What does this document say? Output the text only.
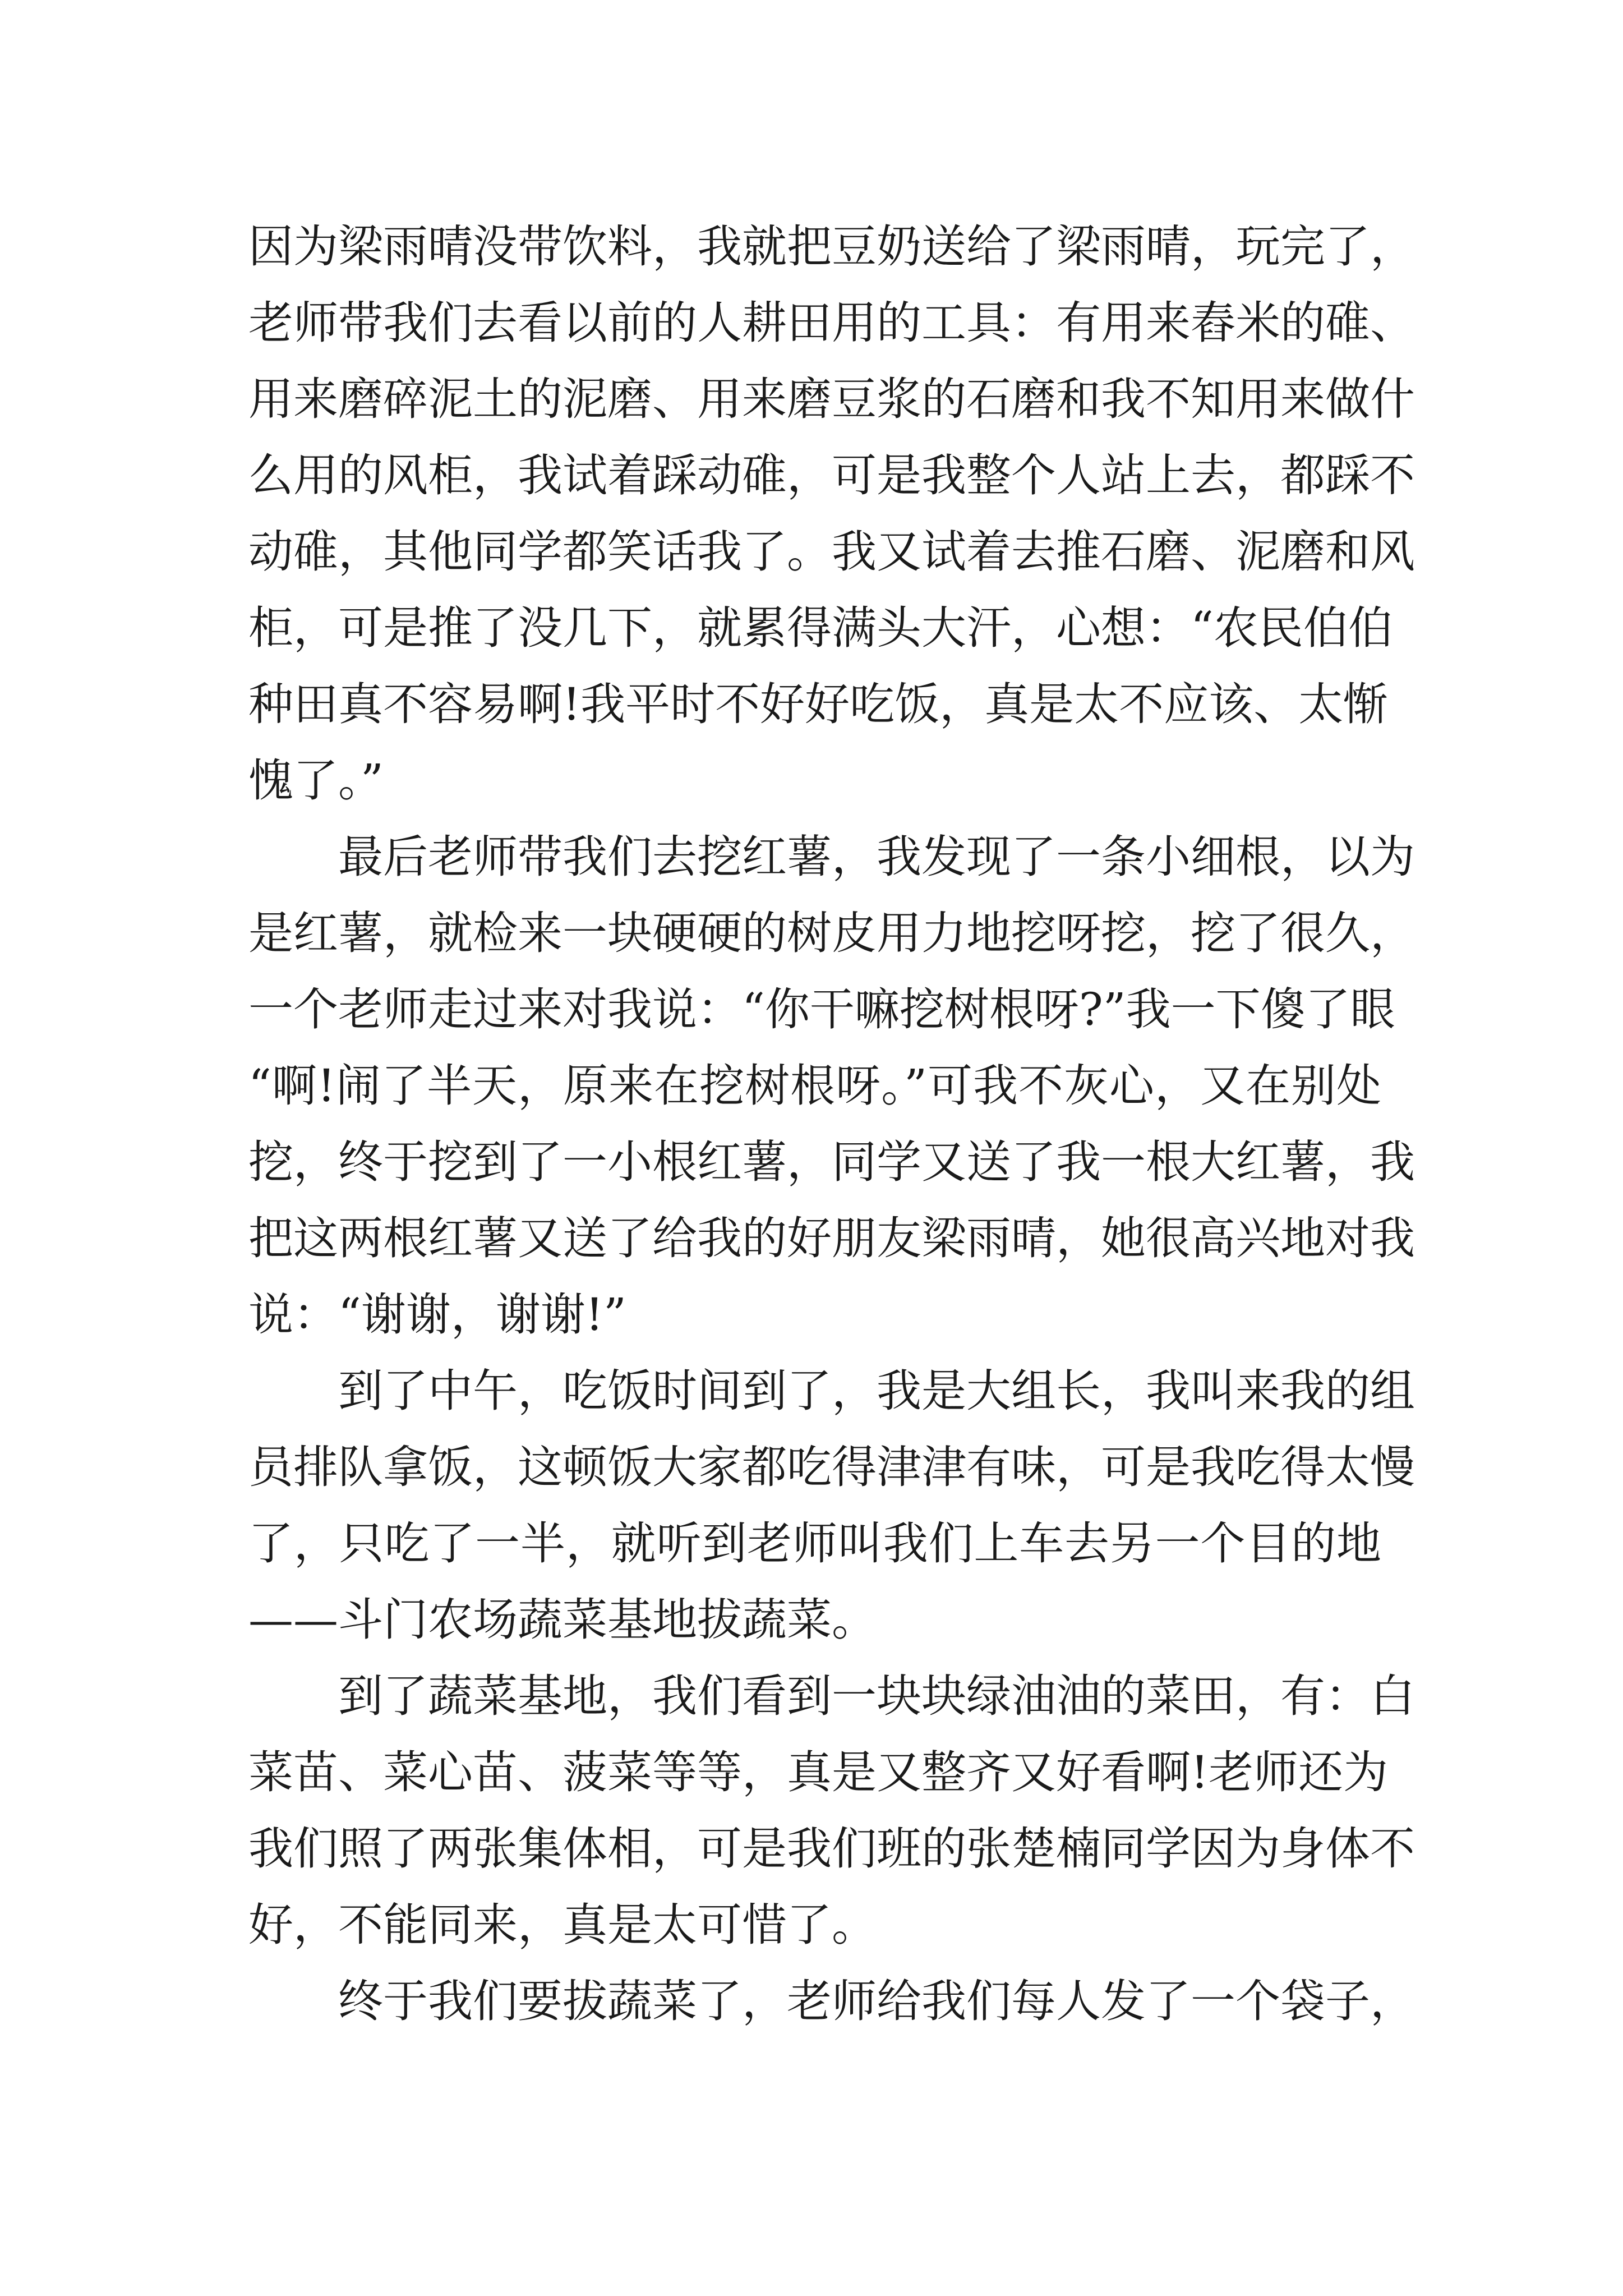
因为梁雨晴没带饮料，我就把豆奶送给了梁雨晴，玩完了，

老师带我们去看以前的人耕田用的工具：有用来舂米的碓、

用来磨碎泥土的泥磨、用来磨豆浆的石磨和我不知用来做什

么用的风柜，我试着踩动碓，可是我整个人站上去，都踩不

动碓，其他同学都笑话我了。我又试着去推石磨、泥磨和风

柜，可是推了没几下，就累得满头大汗，心想：“农民伯伯

种田真不容易啊!我平时不好好吃饭，真是太不应该、太惭

愧了。”

最后老师带我们去挖红薯，我发现了一条小细根，以为

是红薯，就检来一块硬硬的树皮用力地挖呀挖，挖了很久，

一个老师走过来对我说：“你干嘛挖树根呀?”我一下傻了眼

“啊!闹了半天，原来在挖树根呀。”可我不灰心，又在别处

挖，终于挖到了一小根红薯，同学又送了我一根大红薯，我

把这两根红薯又送了给我的好朋友梁雨晴，她很高兴地对我

说：“谢谢，谢谢!”

到了中午，吃饭时间到了，我是大组长，我叫来我的组

员排队拿饭，这顿饭大家都吃得津津有味，可是我吃得太慢

了，只吃了一半，就听到老师叫我们上车去另一个目的地

——斗门农场蔬菜基地拔蔬菜。

到了蔬菜基地，我们看到一块块绿油油的菜田，有：白

菜苗、菜心苗、菠菜等等，真是又整齐又好看啊!老师还为

我们照了两张集体相，可是我们班的张楚楠同学因为身体不

好，不能同来，真是太可惜了。

终于我们要拔蔬菜了，老师给我们每人发了一个袋子，
